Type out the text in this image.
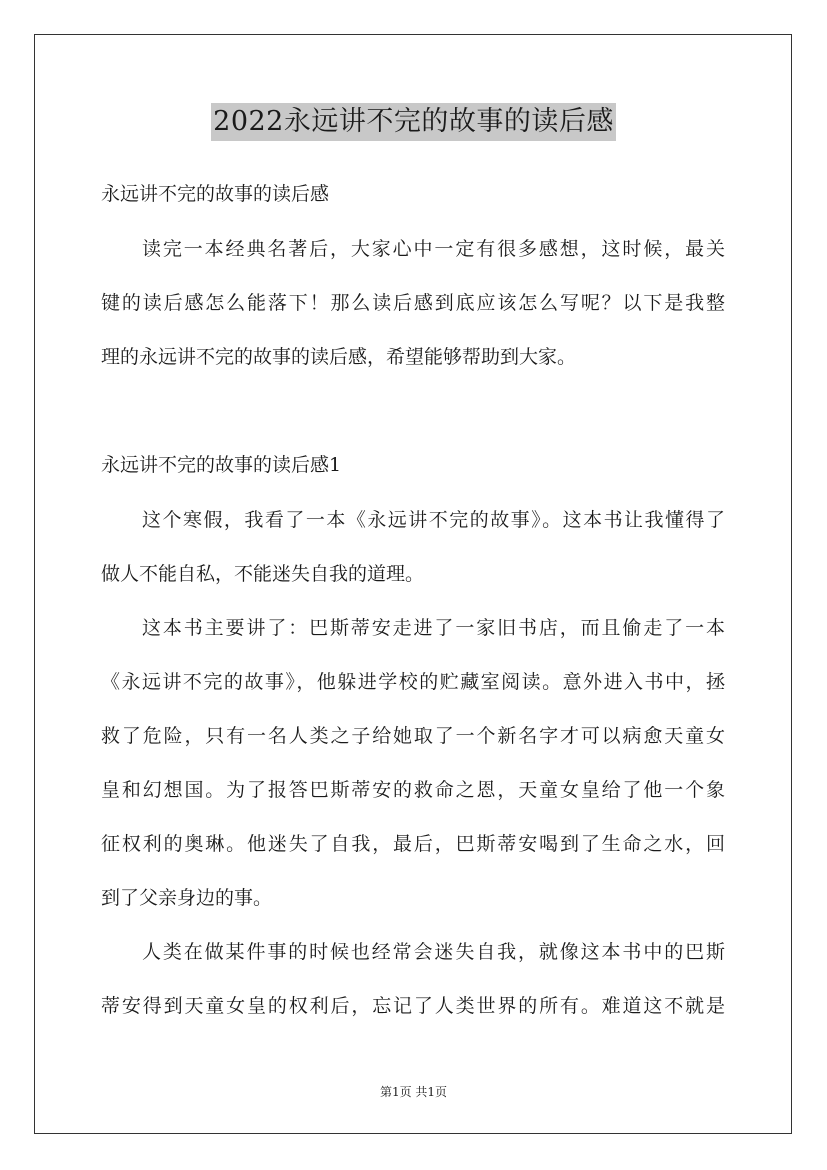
2022永远讲不完的故事的读后感
永远讲不完的故事的读后感
读完一本经典名著后，大家心中一定有很多感想，这时候，最关
键的读后感怎么能落下！那么读后感到底应该怎么写呢？以下是我整
理的永远讲不完的故事的读后感，希望能够帮助到大家。
永远讲不完的故事的读后感1
这个寒假，我看了一本《永远讲不完的故事》。这本书让我懂得了
做人不能自私，不能迷失自我的道理。
这本书主要讲了：巴斯蒂安走进了一家旧书店，而且偷走了一本
《永远讲不完的故事》，他躲进学校的贮藏室阅读。意外进入书中，拯
救了危险，只有一名人类之子给她取了一个新名字才可以病愈天童女
皇和幻想国。为了报答巴斯蒂安的救命之恩，天童女皇给了他一个象
征权利的奥琳。他迷失了自我，最后，巴斯蒂安喝到了生命之水，回
到了父亲身边的事。
人类在做某件事的时候也经常会迷失自我，就像这本书中的巴斯
蒂安得到天童女皇的权利后，忘记了人类世界的所有。难道这不就是
第1页 共1页
